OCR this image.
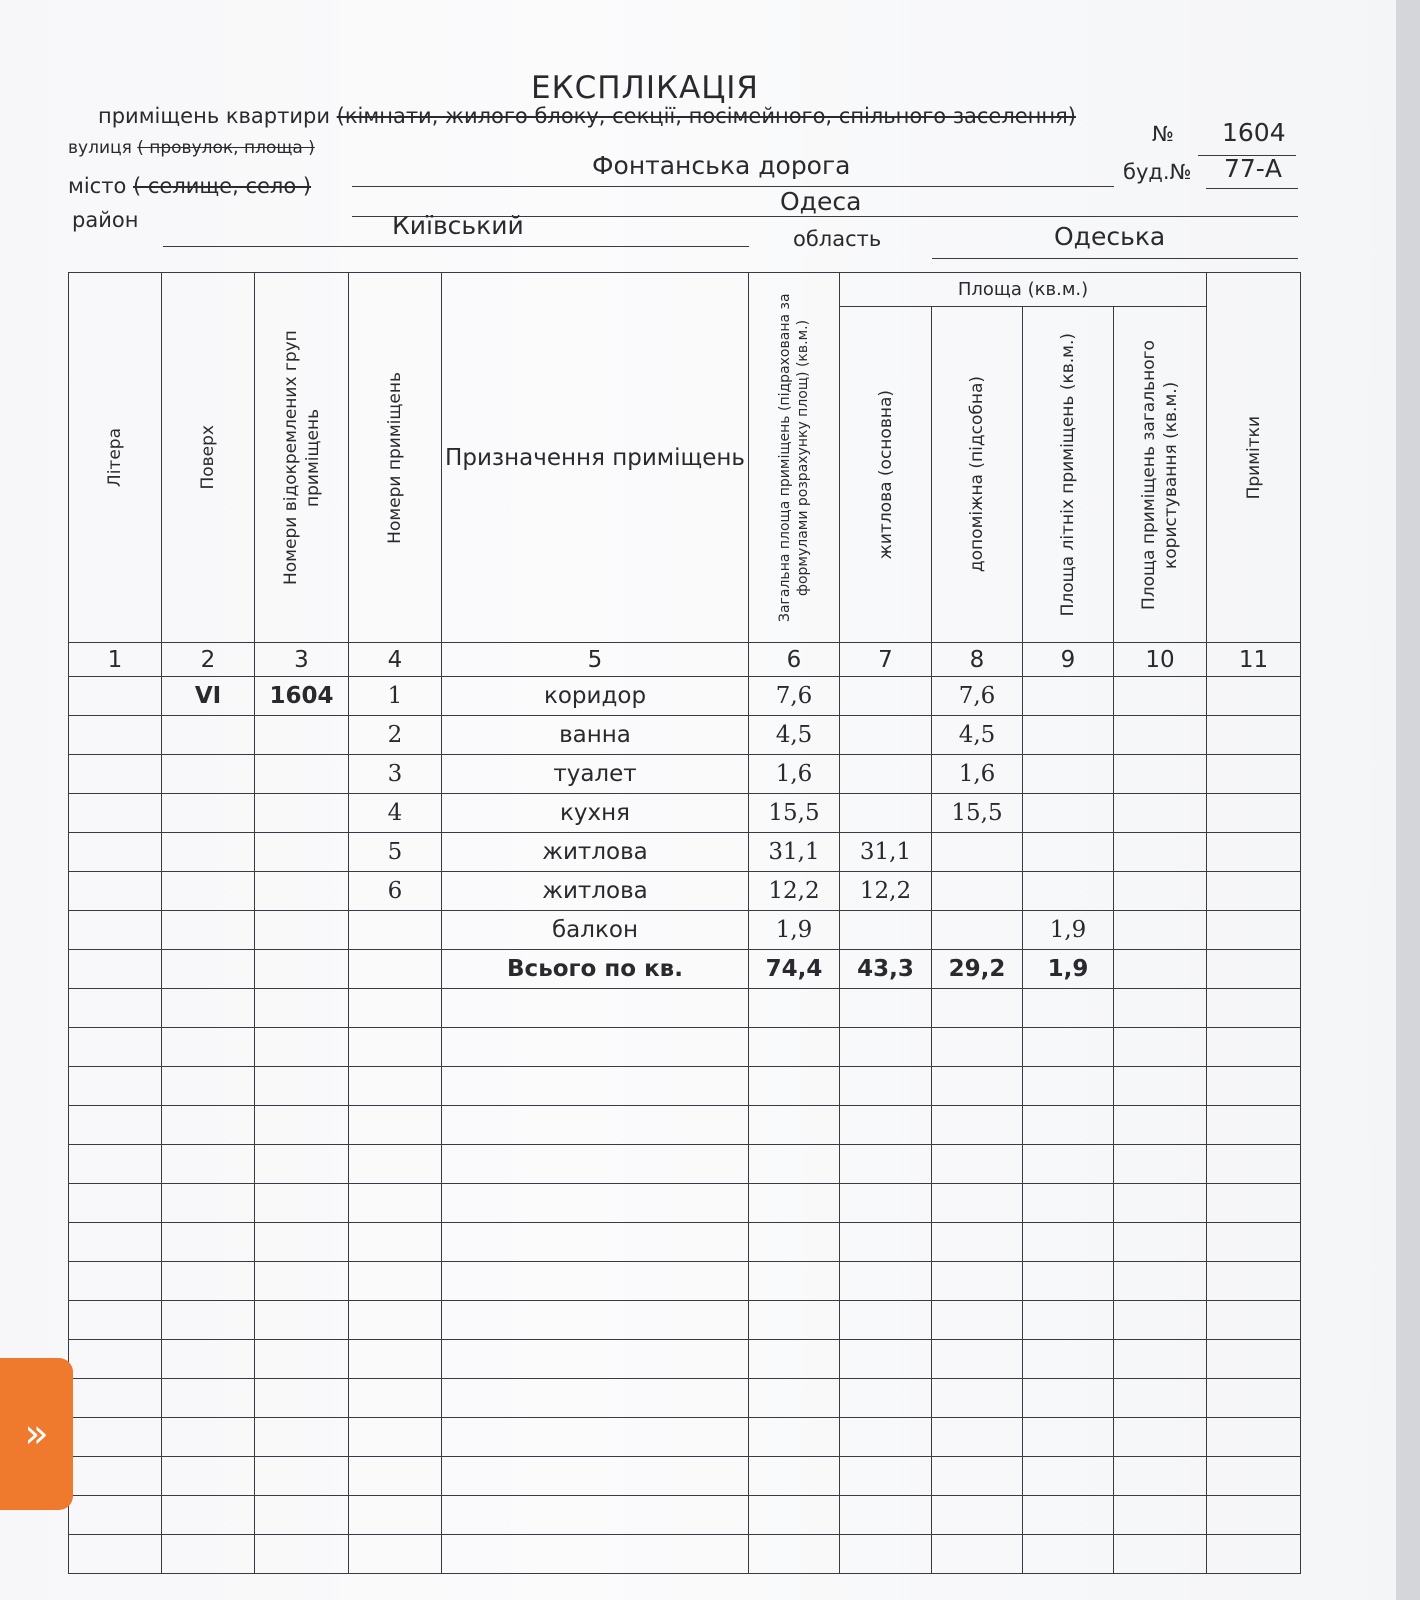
ЕКСПЛІКАЦІЯ
приміщень квартири (кімнати, жилого блоку, секції, посімейного, спільного заселення)
№ 1604
вулиця ( провулок, площа )
Фонтанська дорога	буд.№ 77-А
місто ( селище, село )
Одеса
район	Київський	область	Одеська
Літера	Поверх	Номери відокремлених груп приміщень	Номери приміщень	Призначення приміщень	Загальна площа приміщень (підрахована за формулами розрахунку площ) (кв.м.)	Площа (кв.м.)				Примітки

						житлова (основна)	допоміжна (підсобна)	Площа літніх приміщень (кв.м.)	Площа приміщень загального користування (кв.м.)	

1	2	3	4	5	6	7	8	9	10	11
	VI	1604	1	коридор	7,6		7,6			
			2	ванна	4,5		4,5			
			3	туалет	1,6		1,6			
			4	кухня	15,5		15,5			
			5	житлова	31,1	31,1				
			6	житлова	12,2	12,2				
				балкон	1,9			1,9		
				Всього по кв.	74,4	43,3	29,2	1,9		

»
